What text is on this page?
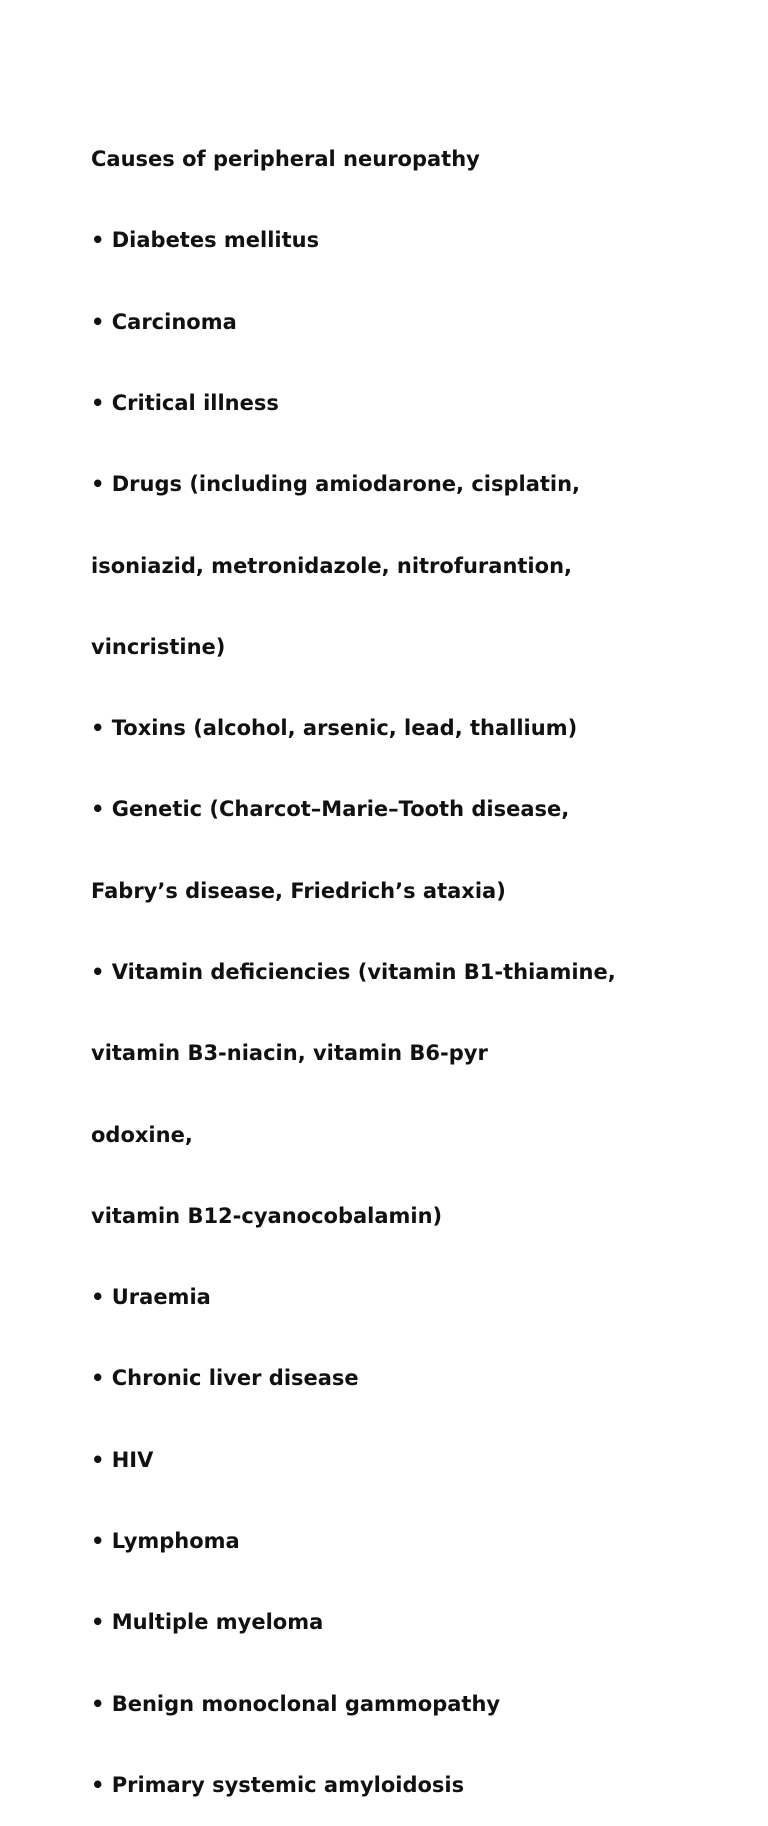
Causes of peripheral neuropathy

• Diabetes mellitus

• Carcinoma

• Critical illness

• Drugs (including amiodarone, cisplatin,

isoniazid, metronidazole, nitrofurantion,

vincristine)

• Toxins (alcohol, arsenic, lead, thallium)

• Genetic (Charcot–Marie–Tooth disease,

Fabry’s disease, Friedrich’s ataxia)

• Vitamin deficiencies (vitamin B1-thiamine,

vitamin B3-niacin, vitamin B6-pyr

odoxine,

vitamin B12-cyanocobalamin)

• Uraemia

• Chronic liver disease

• HIV

• Lymphoma

• Multiple myeloma

• Benign monoclonal gammopathy

• Primary systemic amyloidosis
